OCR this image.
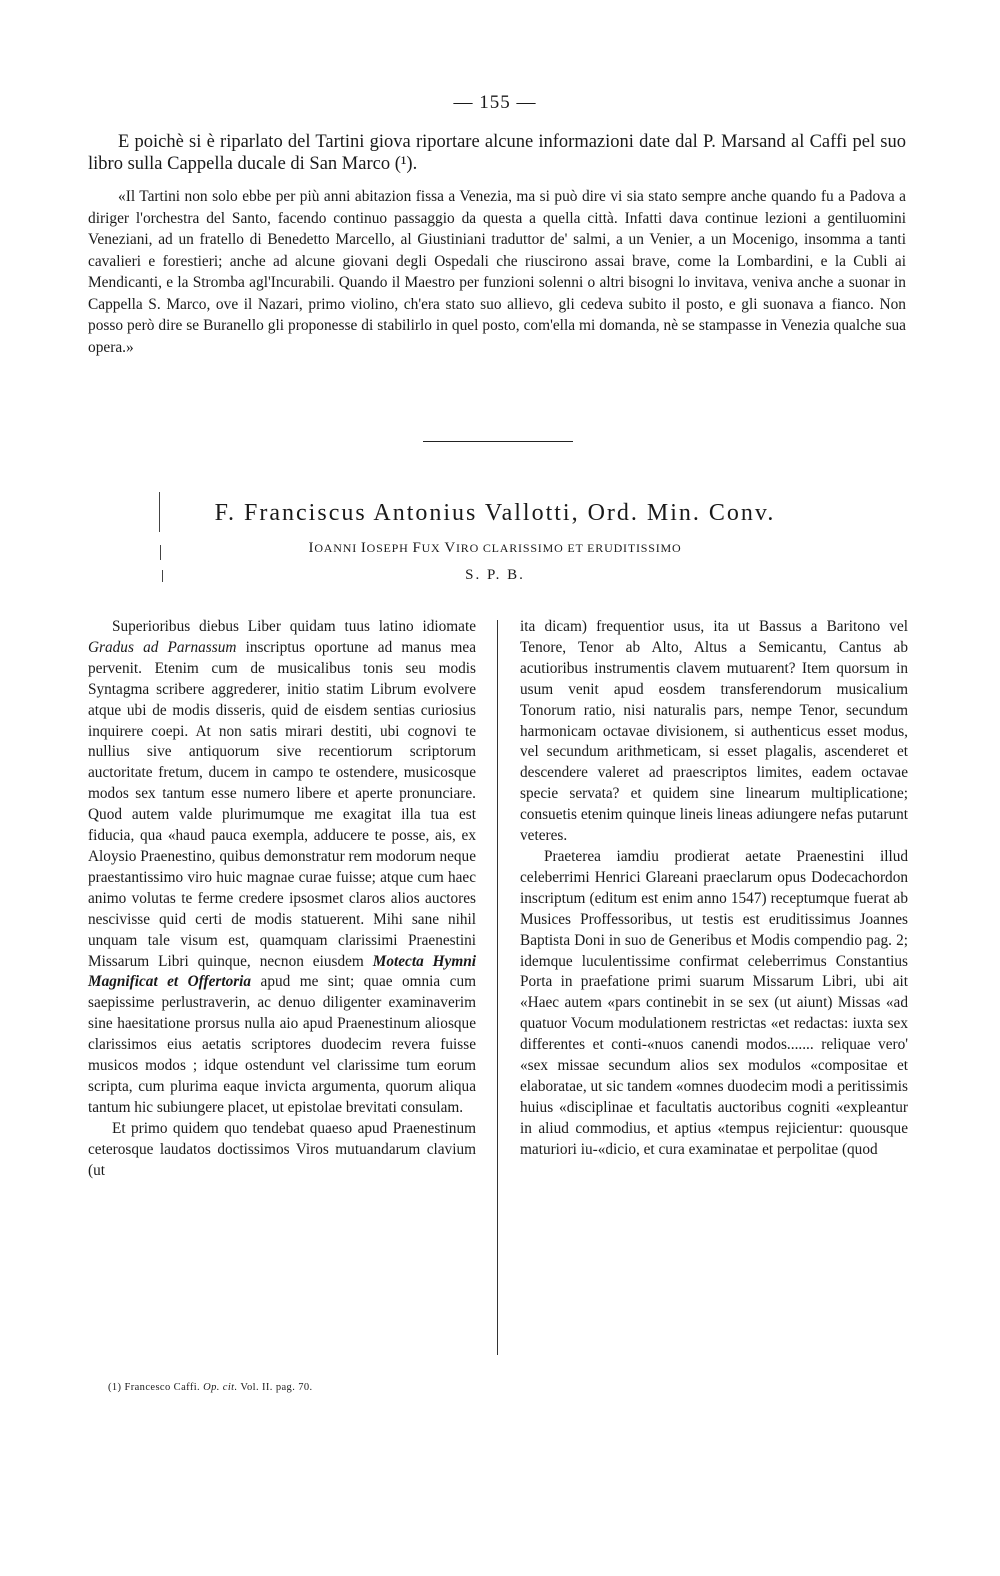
— 155 —

E poichè si è riparlato del Tartini giova riportare alcune informazioni date dal P. Marsand al Caffi pel suo libro sulla Cappella ducale di San Marco (¹).

«Il Tartini non solo ebbe per più anni abitazion fissa a Venezia, ma si può dire vi sia stato sempre anche quando fu a Padova a diriger l'orchestra del Santo, facendo continuo passaggio da questa a quella città. Infatti dava continue lezioni a gentiluomini Veneziani, ad un fratello di Benedetto Marcello, al Giustiniani traduttor de' salmi, a un Venier, a un Mocenigo, insomma a tanti cavalieri e forestieri; anche ad alcune giovani degli Ospedali che riuscirono assai brave, come la Lombardini, e la Cubli ai Mendicanti, e la Stromba agl'Incurabili. Quando il Maestro per funzioni solenni o altri bisogni lo invitava, veniva anche a suonar in Cappella S. Marco, ove il Nazari, primo violino, ch'era stato suo allievo, gli cedeva subito il posto, e gli suonava a fianco. Non posso però dire se Buranello gli proponesse di stabilirlo in quel posto, com'ella mi domanda, nè se stampasse in Venezia qualche sua opera.»

F. Franciscus Antonius Vallotti, Ord. Min. Conv.
IOANNI IOSEPH FUX VIRO CLARISSIMO ET ERUDITISSIMO
S. P. B.

Superioribus diebus Liber quidam tuus latino idiomate Gradus ad Parnassum inscriptus oportune ad manus mea pervenit. Etenim cum de musicalibus tonis seu modis Syntagma scribere aggrederer, initio statim Librum evolvere atque ubi de modis disseris, quid de eisdem sentias curiosius inquirere coepi. At non satis mirari destiti, ubi cognovi te nullius sive antiquorum sive recentiorum scriptorum auctoritate fretum, ducem in campo te ostendere, musicosque modos sex tantum esse numero libere et aperte pronunciare. Quod autem valde plurimumque me exagitat illa tua est fiducia, qua «haud pauca exempla, adducere te posse, ais, ex Aloysio Praenestino, quibus demonstratur rem modorum neque praestantissimo viro huic magnae curae fuisse; atque cum haec animo volutas te ferme credere ipsosmet claros alios auctores nescivisse quid certi de modis statuerent. Mihi sane nihil unquam tale visum est, quamquam clarissimi Praenestini Missarum Libri quinque, necnon eiusdem Motecta Hymni Magnificat et Offertoria apud me sint; quae omnia cum saepissime perlustraverin, ac denuo diligenter examinaverim sine haesitatione prorsus nulla aio apud Praenestinum aliosque clarissimos eius aetatis scriptores duodecim revera fuisse musicos modos ; idque ostendunt vel clarissime tum eorum scripta, cum plurima eaque invicta argumenta, quorum aliqua tantum hic subiungere placet, ut epistolae brevitati consulam.

Et primo quidem quo tendebat quaeso apud Praenestinum ceterosque laudatos doctissimos Viros mutuandarum clavium (ut

ita dicam) frequentior usus, ita ut Bassus a Baritono vel Tenore, Tenor ab Alto, Altus a Semicantu, Cantus ab acutioribus instrumentis clavem mutuarent? Item quorsum in usum venit apud eosdem transferendorum musicalium Tonorum ratio, nisi naturalis pars, nempe Tenor, secundum harmonicam octavae divisionem, si authenticus esset modus, vel secundum arithmeticam, si esset plagalis, ascenderet et descendere valeret ad praescriptos limites, eadem octavae specie servata? et quidem sine linearum multiplicatione; consuetis etenim quinque lineis lineas adiungere nefas putarunt veteres.

Praeterea iamdiu prodierat aetate Praenestini illud celeberrimi Henrici Glareani praeclarum opus Dodecachordon inscriptum (editum est enim anno 1547) receptumque fuerat ab Musices Proffessoribus, ut testis est eruditissimus Joannes Baptista Doni in suo de Generibus et Modis compendio pag. 2; idemque luculentissime confirmat celeberrimus Constantius Porta in praefatione primi suarum Missarum Libri, ubi ait «Haec autem «pars continebit in se sex (ut aiunt) Missas «ad quatuor Vocum modulationem restrictas «et redactas: iuxta sex differentes et conti-«nuos canendi modos....... reliquae vero' «sex missae secundum alios sex modulos «compositae et elaboratae, ut sic tandem «omnes duodecim modi a peritissimis huius «disciplinae et facultatis auctoribus cogniti «expleantur in aliud commodius, et aptius «tempus rejicientur: quousque maturiori iu-«dicio, et cura examinatae et perpolitae (quod

(1) Francesco Caffi. Op. cit. Vol. II. pag. 70.
